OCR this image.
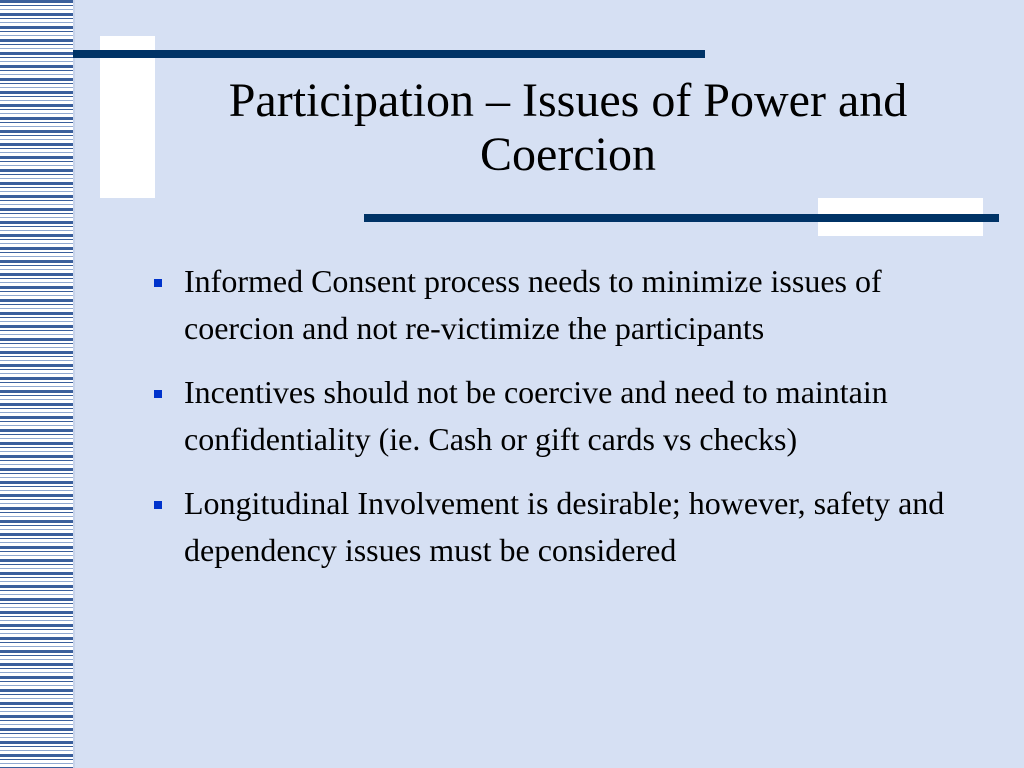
Participation – Issues of Power and Coercion
Informed Consent process needs to minimize issues of coercion and not re-victimize the participants
Incentives should not be coercive and need to maintain confidentiality (ie. Cash or gift cards vs checks)
Longitudinal Involvement is desirable; however, safety and dependency issues must be considered
